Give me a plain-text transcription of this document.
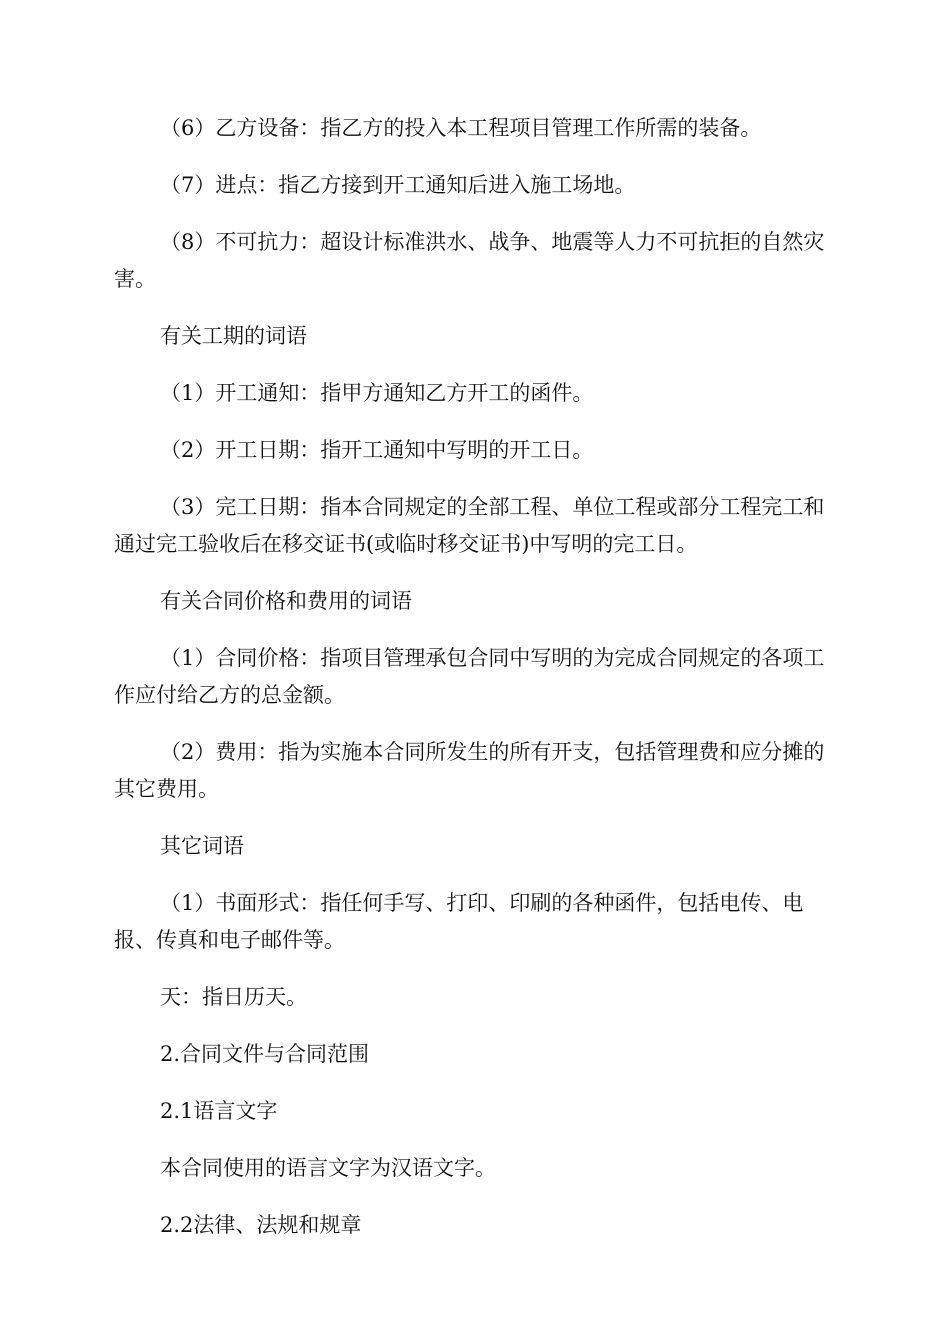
（6）乙方设备：指乙方的投入本工程项目管理工作所需的装备。

（7）进点：指乙方接到开工通知后进入施工场地。

（8）不可抗力：超设计标准洪水、战争、地震等人力不可抗拒的自然灾害。

有关工期的词语

（1）开工通知：指甲方通知乙方开工的函件。

（2）开工日期：指开工通知中写明的开工日。

（3）完工日期：指本合同规定的全部工程、单位工程或部分工程完工和通过完工验收后在移交证书(或临时移交证书)中写明的完工日。

有关合同价格和费用的词语

（1）合同价格：指项目管理承包合同中写明的为完成合同规定的各项工作应付给乙方的总金额。

（2）费用：指为实施本合同所发生的所有开支，包括管理费和应分摊的其它费用。

其它词语

（1）书面形式：指任何手写、打印、印刷的各种函件，包括电传、电报、传真和电子邮件等。

天：指日历天。

2.合同文件与合同范围

2.1语言文字

本合同使用的语言文字为汉语文字。

2.2法律、法规和规章
